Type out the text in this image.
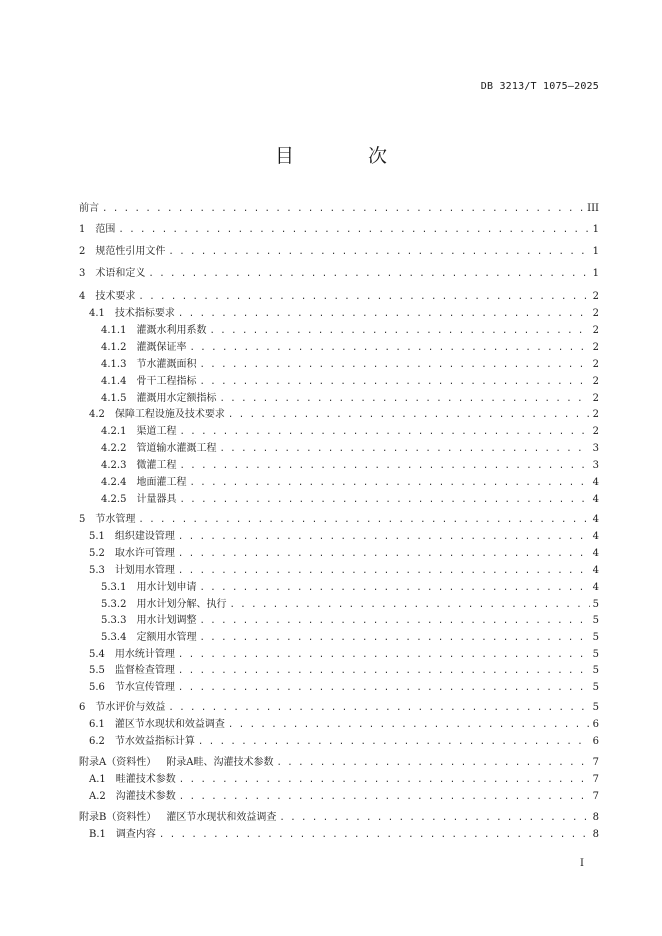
DB 3213/T 1075—2025
目 次
前言 . . .	III
1 范围 . . .	1
2 规范性引用文件 . . .	1
3 术语和定义 . . .	1
4 技术要求 . . .	2
4.1 技术指标要求 . . .	2
4.1.1 灌溉水利用系数 . . .	2
4.1.2 灌溉保证率 . . .	2
4.1.3 节水灌溉面积 . . .	2
4.1.4 骨干工程指标 . . .	2
4.1.5 灌溉用水定额指标 . . .	2
4.2 保障工程设施及技术要求 . . .	2
4.2.1 渠道工程 . . .	2
4.2.2 管道输水灌溉工程 . . .	3
4.2.3 微灌工程 . . .	3
4.2.4 地面灌工程 . . .	4
4.2.5 计量器具 . . .	4
5 节水管理 . . .	4
5.1 组织建设管理 . . .	4
5.2 取水许可管理 . . .	4
5.3 计划用水管理 . . .	4
5.3.1 用水计划申请 . . .	4
5.3.2 用水计划分解、执行 . . .	5
5.3.3 用水计划调整 . . .	5
5.3.4 定额用水管理 . . .	5
5.4 用水统计管理 . . .	5
5.5 监督检查管理 . . .	5
5.6 节水宣传管理 . . .	5
6 节水评价与效益 . . .	5
6.1 灌区节水现状和效益调查 . . .	6
6.2 节水效益指标计算 . . .	6
附录A（资料性） 附录A畦、沟灌技术参数 . . .	7
A.1 畦灌技术参数 . . .	7
A.2 沟灌技术参数 . . .	7
附录B（资料性） 灌区节水现状和效益调查 . . .	8
B.1 调查内容 . . .	8
I
